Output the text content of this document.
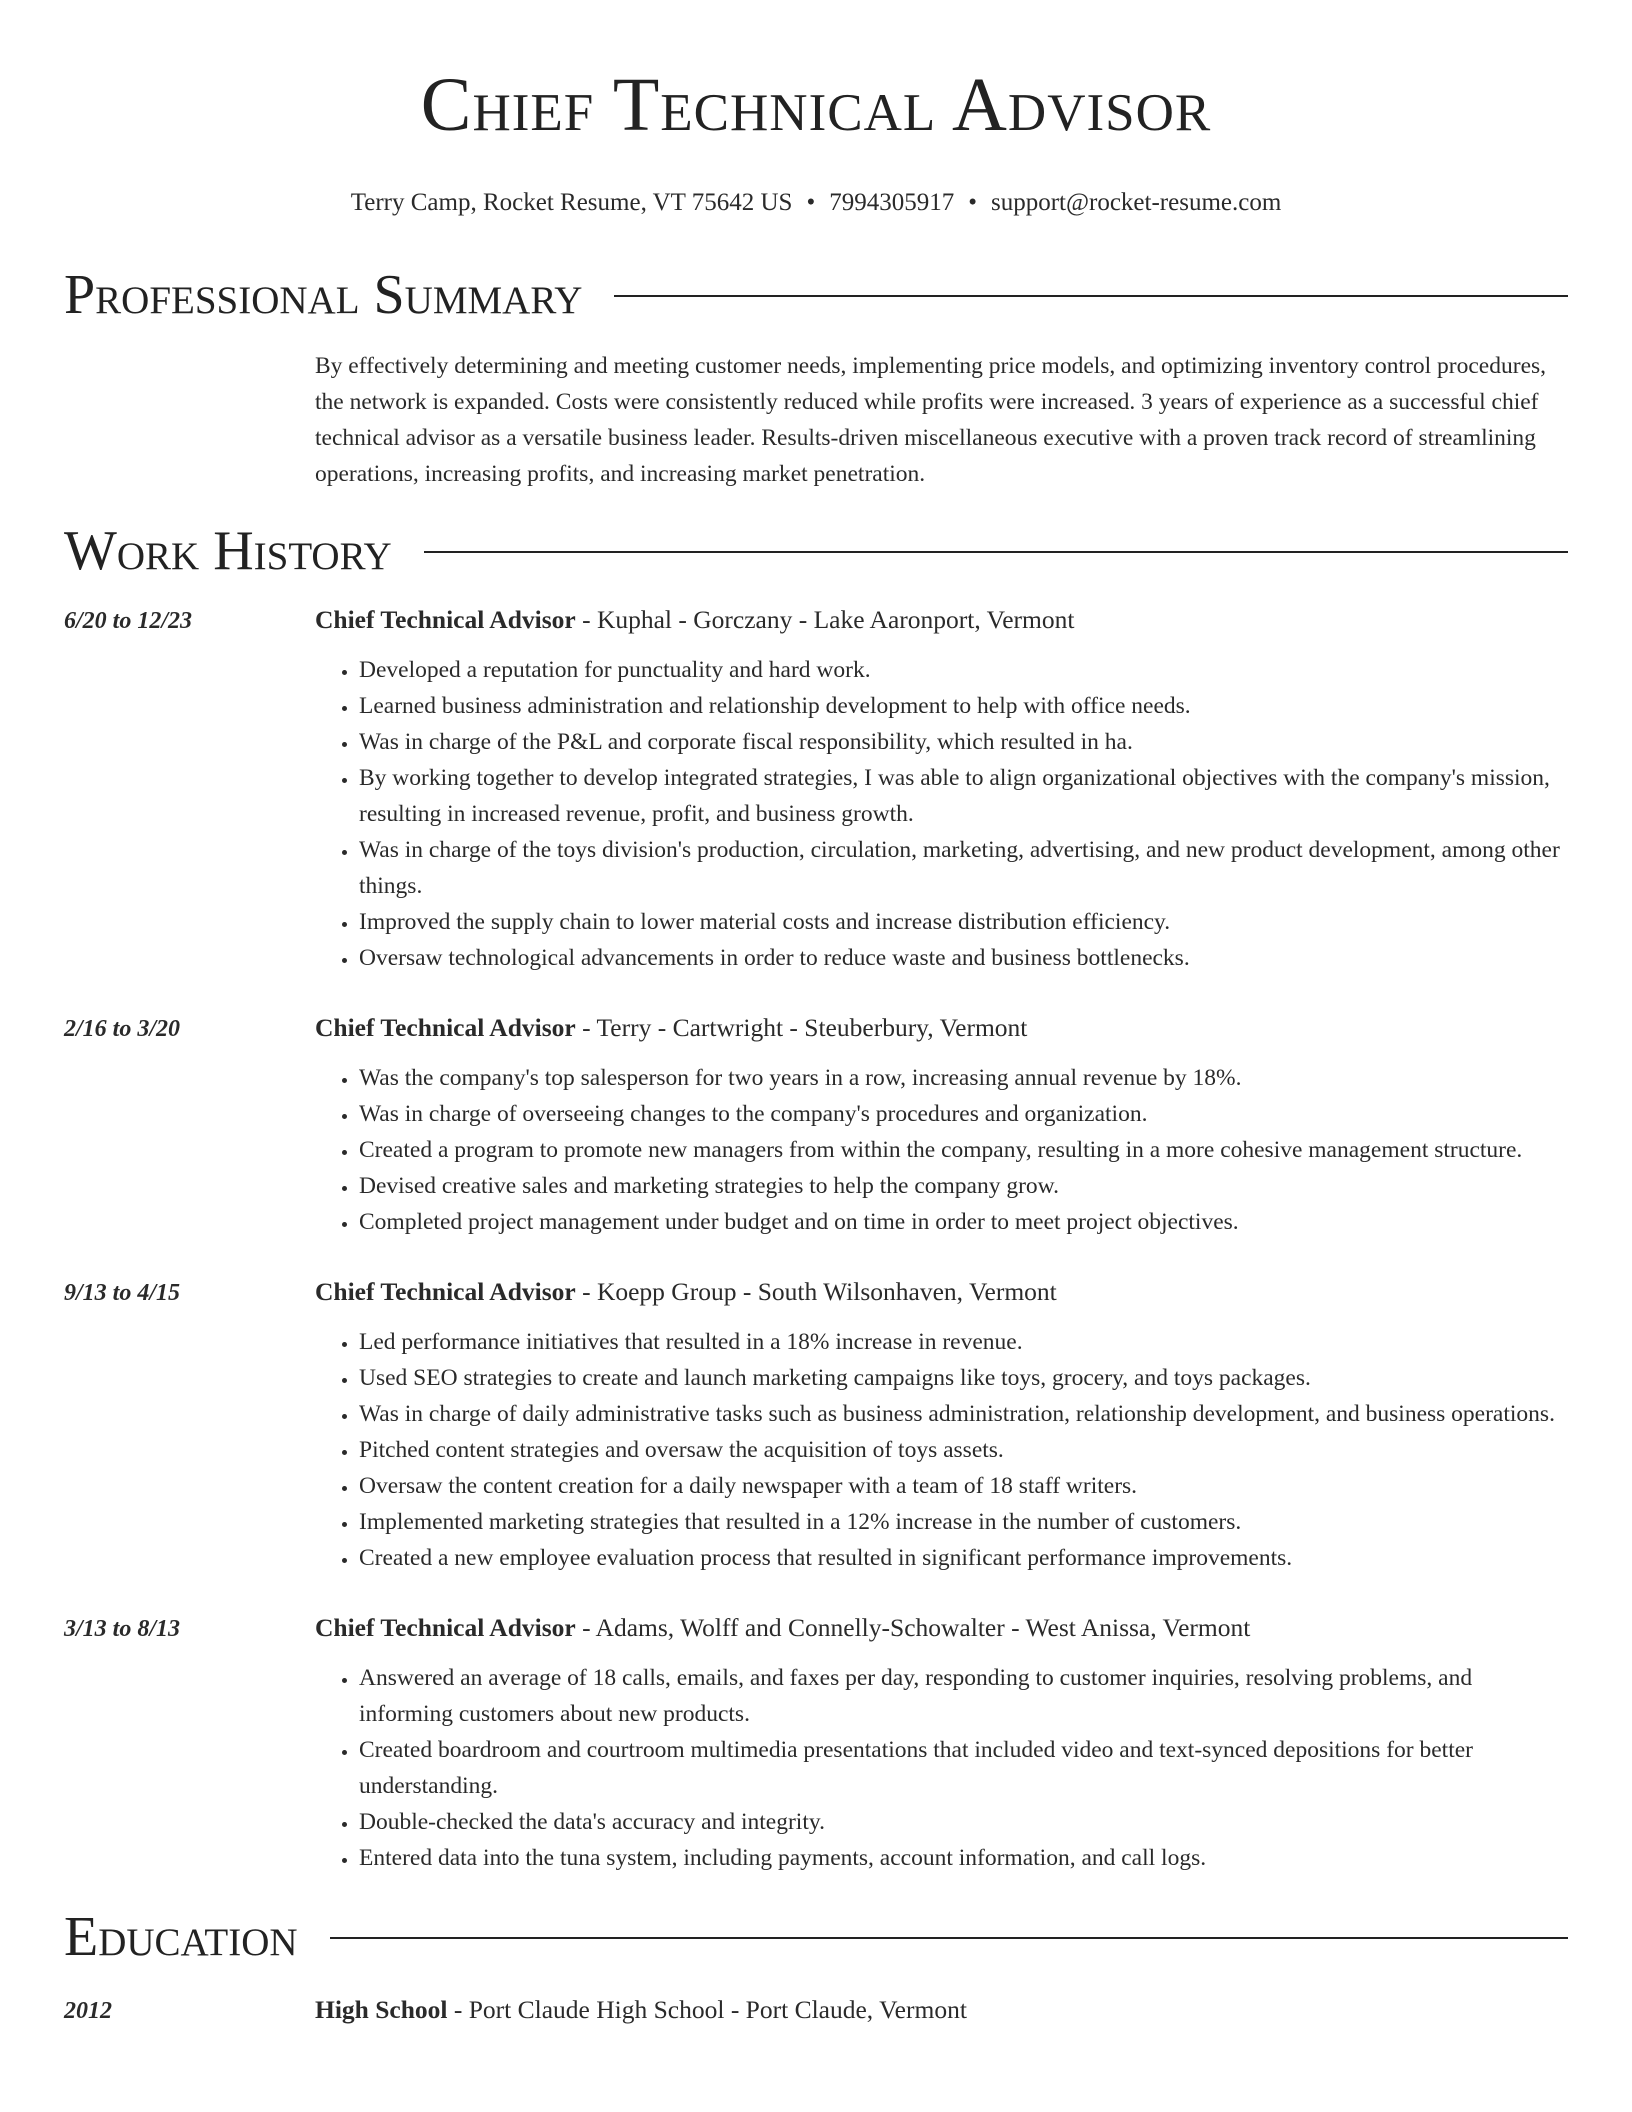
Chief Technical Advisor
Terry Camp, Rocket Resume, VT 75642 US • 7994305917 • support@rocket-resume.com
Professional Summary
By effectively determining and meeting customer needs, implementing price models, and optimizing inventory control procedures, the network is expanded. Costs were consistently reduced while profits were increased. 3 years of experience as a successful chief technical advisor as a versatile business leader. Results-driven miscellaneous executive with a proven track record of streamlining operations, increasing profits, and increasing market penetration.
Work History
6/20 to 12/23	Chief Technical Advisor - Kuphal - Gorczany - Lake Aaronport, Vermont
• Developed a reputation for punctuality and hard work.
• Learned business administration and relationship development to help with office needs.
• Was in charge of the P&L and corporate fiscal responsibility, which resulted in ha.
• By working together to develop integrated strategies, I was able to align organizational objectives with the company's mission, resulting in increased revenue, profit, and business growth.
• Was in charge of the toys division's production, circulation, marketing, advertising, and new product development, among other things.
• Improved the supply chain to lower material costs and increase distribution efficiency.
• Oversaw technological advancements in order to reduce waste and business bottlenecks.
2/16 to 3/20	Chief Technical Advisor - Terry - Cartwright - Steuberbury, Vermont
• Was the company's top salesperson for two years in a row, increasing annual revenue by 18%.
• Was in charge of overseeing changes to the company's procedures and organization.
• Created a program to promote new managers from within the company, resulting in a more cohesive management structure.
• Devised creative sales and marketing strategies to help the company grow.
• Completed project management under budget and on time in order to meet project objectives.
9/13 to 4/15	Chief Technical Advisor - Koepp Group - South Wilsonhaven, Vermont
• Led performance initiatives that resulted in a 18% increase in revenue.
• Used SEO strategies to create and launch marketing campaigns like toys, grocery, and toys packages.
• Was in charge of daily administrative tasks such as business administration, relationship development, and business operations.
• Pitched content strategies and oversaw the acquisition of toys assets.
• Oversaw the content creation for a daily newspaper with a team of 18 staff writers.
• Implemented marketing strategies that resulted in a 12% increase in the number of customers.
• Created a new employee evaluation process that resulted in significant performance improvements.
3/13 to 8/13	Chief Technical Advisor - Adams, Wolff and Connelly-Schowalter - West Anissa, Vermont
• Answered an average of 18 calls, emails, and faxes per day, responding to customer inquiries, resolving problems, and informing customers about new products.
• Created boardroom and courtroom multimedia presentations that included video and text-synced depositions for better understanding.
• Double-checked the data's accuracy and integrity.
• Entered data into the tuna system, including payments, account information, and call logs.
Education
2012	High School - Port Claude High School - Port Claude, Vermont
